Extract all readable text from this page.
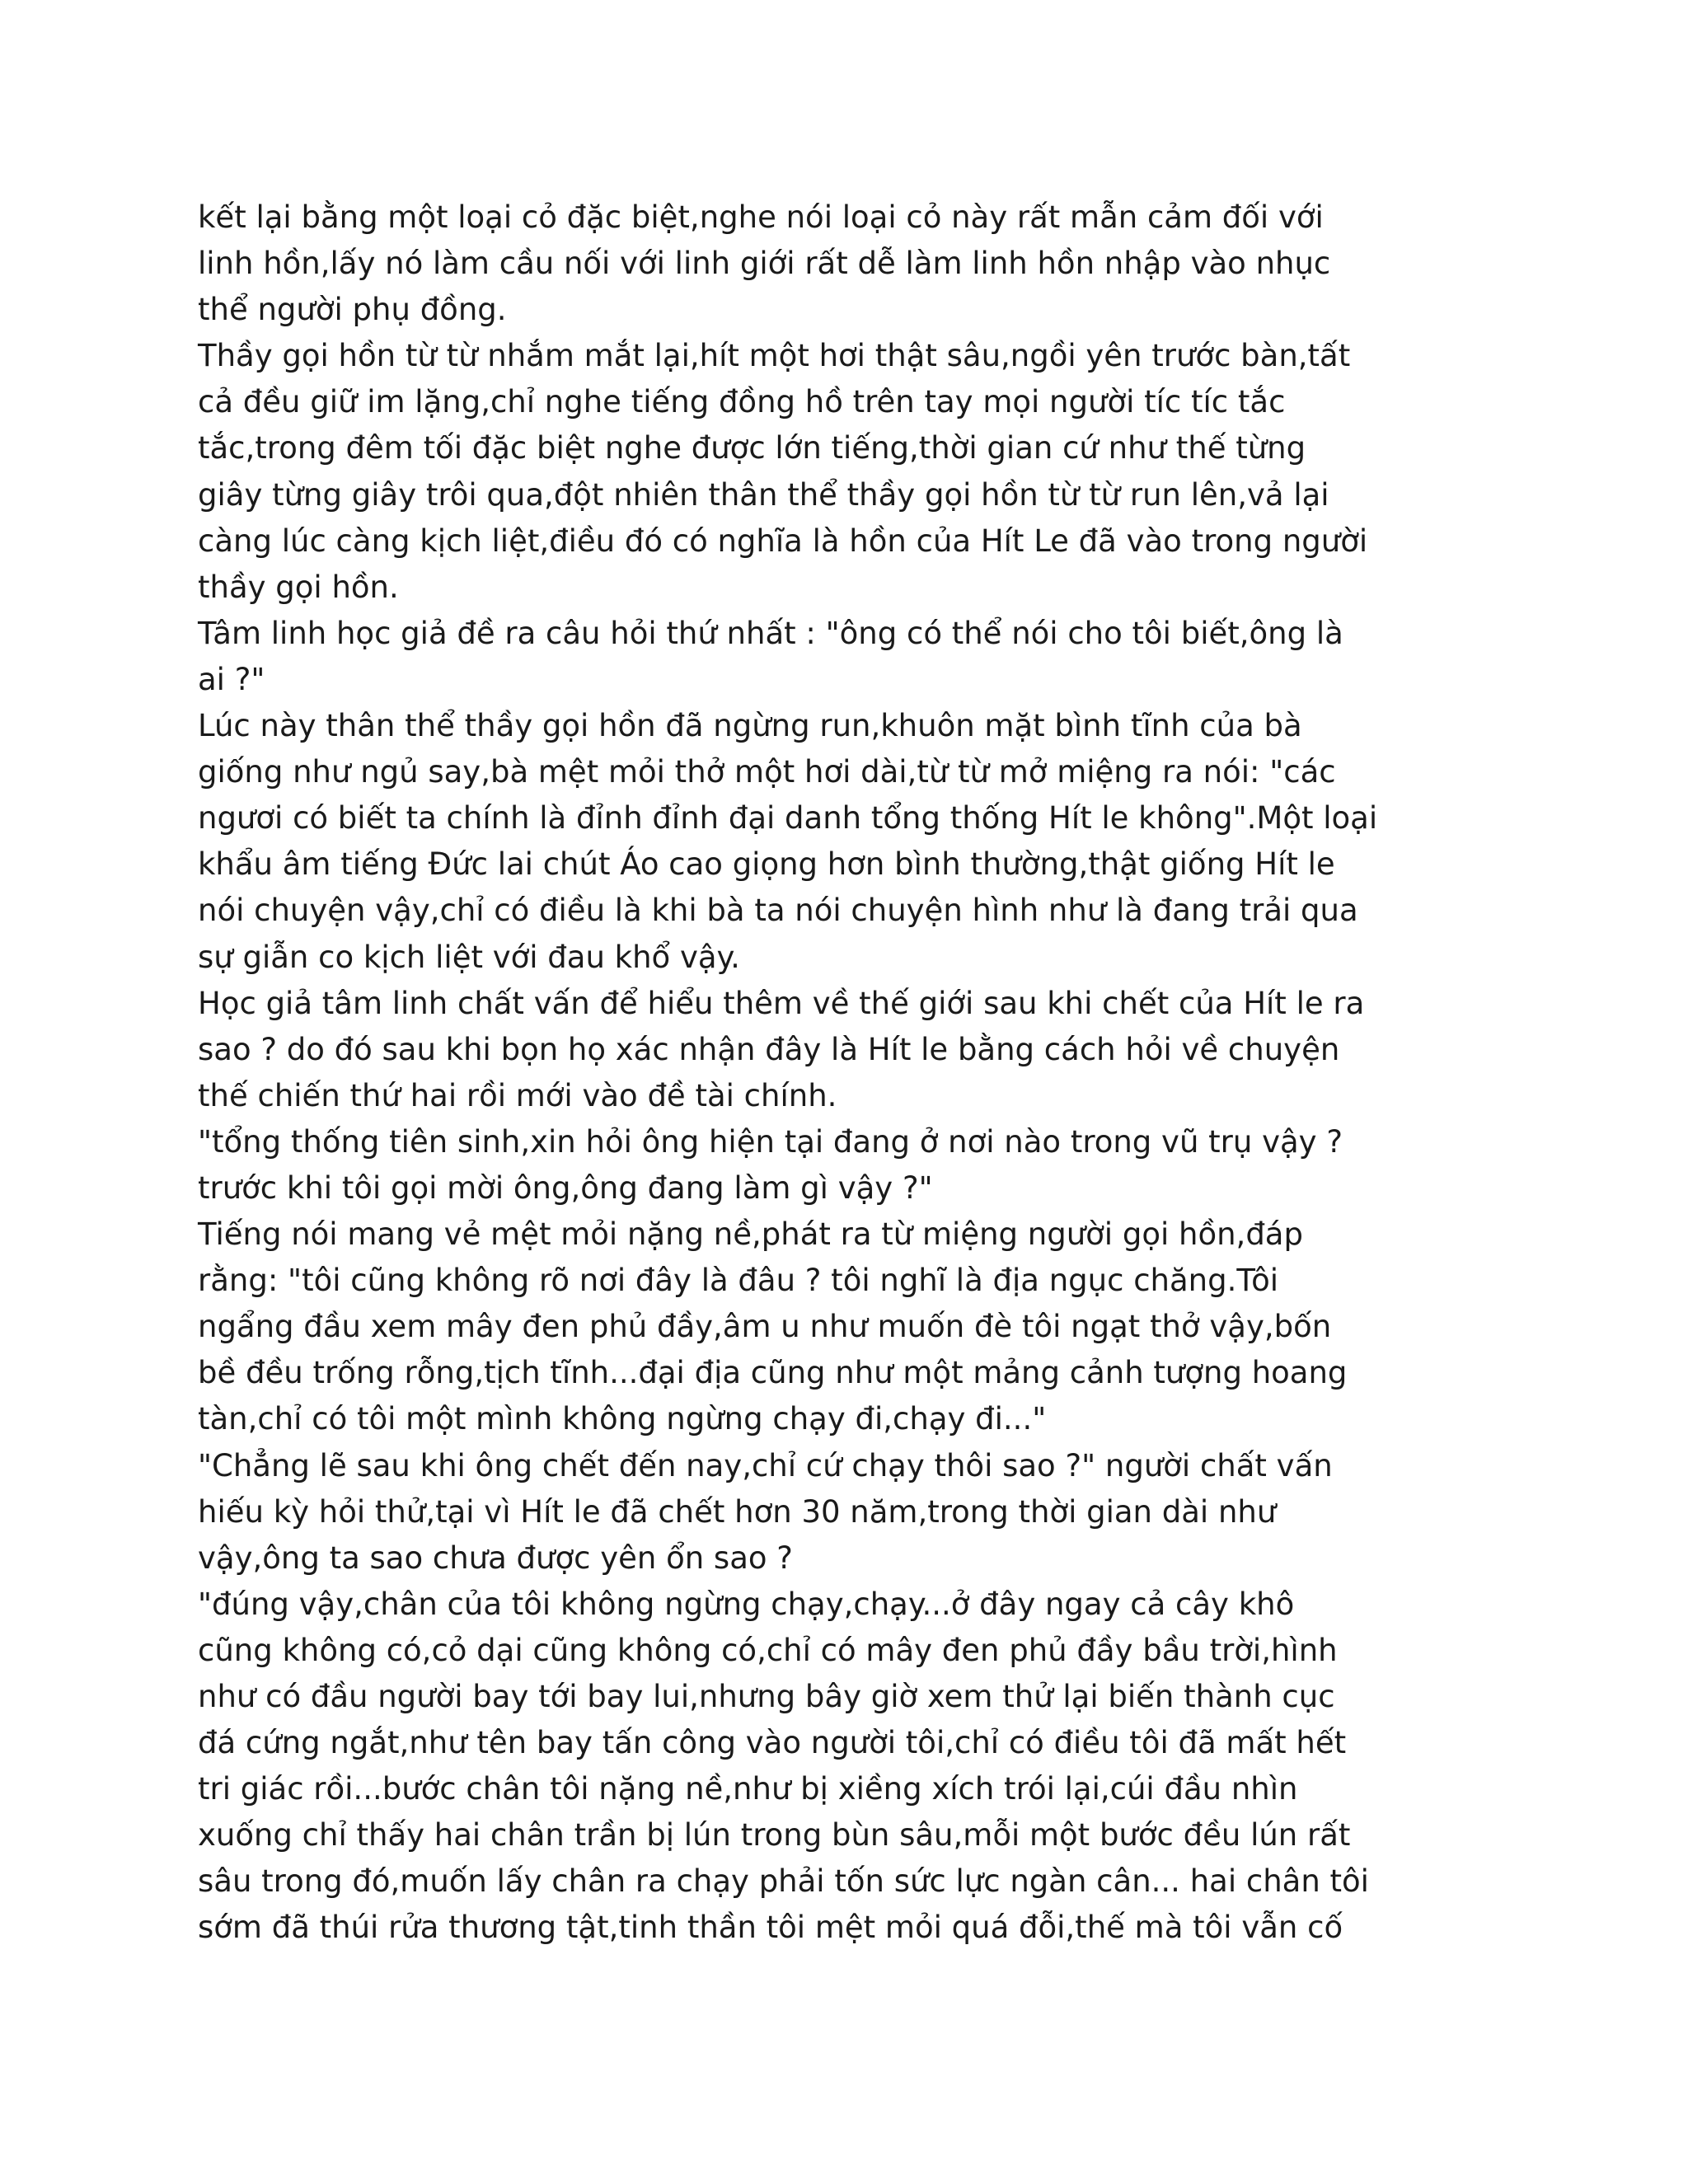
kết lại bằng một loại cỏ đặc biệt,nghe nói loại cỏ này rất mẫn cảm đối với
linh hồn,lấy nó làm cầu nối với linh giới rất dễ làm linh hồn nhập vào nhục
thể người phụ đồng.
Thầy gọi hồn từ từ nhắm mắt lại,hít một hơi thật sâu,ngồi yên trước bàn,tất
cả đều giữ im lặng,chỉ nghe tiếng đồng hồ trên tay mọi người tíc tíc tắc
tắc,trong đêm tối đặc biệt nghe được lớn tiếng,thời gian cứ như thế từng
giây từng giây trôi qua,đột nhiên thân thể thầy gọi hồn từ từ run lên,vả lại
càng lúc càng kịch liệt,điều đó có nghĩa là hồn của Hít Le đã vào trong người
thầy gọi hồn.
Tâm linh học giả đề ra câu hỏi thứ nhất : "ông có thể nói cho tôi biết,ông là
ai ?"
Lúc này thân thể thầy gọi hồn đã ngừng run,khuôn mặt bình tĩnh của bà
giống như ngủ say,bà mệt mỏi thở một hơi dài,từ từ mở miệng ra nói: "các
ngươi có biết ta chính là đỉnh đỉnh đại danh tổng thống Hít le không".Một loại
khẩu âm tiếng Đức lai chút Áo cao giọng hơn bình thường,thật giống Hít le
nói chuyện vậy,chỉ có điều là khi bà ta nói chuyện hình như là đang trải qua
sự giẫn co kịch liệt với đau khổ vậy.
Học giả tâm linh chất vấn để hiểu thêm về thế giới sau khi chết của Hít le ra
sao ? do đó sau khi bọn họ xác nhận đây là Hít le bằng cách hỏi về chuyện
thế chiến thứ hai rồi mới vào đề tài chính.
"tổng thống tiên sinh,xin hỏi ông hiện tại đang ở nơi nào trong vũ trụ vậy ?
trước khi tôi gọi mời ông,ông đang làm gì vậy ?"
Tiếng nói mang vẻ mệt mỏi nặng nề,phát ra từ miệng người gọi hồn,đáp
rằng: "tôi cũng không rõ nơi đây là đâu ? tôi nghĩ là địa ngục chăng.Tôi
ngẩng đầu xem mây đen phủ đầy,âm u như muốn đè tôi ngạt thở vậy,bốn
bề đều trống rỗng,tịch tĩnh...đại địa cũng như một mảng cảnh tượng hoang
tàn,chỉ có tôi một mình không ngừng chạy đi,chạy đi..."
"Chẳng lẽ sau khi ông chết đến nay,chỉ cứ chạy thôi sao ?" người chất vấn
hiếu kỳ hỏi thử,tại vì Hít le đã chết hơn 30 năm,trong thời gian dài như
vậy,ông ta sao chưa được yên ổn sao ?
"đúng vậy,chân của tôi không ngừng chạy,chạy...ở đây ngay cả cây khô
cũng không có,cỏ dại cũng không có,chỉ có mây đen phủ đầy bầu trời,hình
như có đầu người bay tới bay lui,nhưng bây giờ xem thử lại biến thành cục
đá cứng ngắt,như tên bay tấn công vào người tôi,chỉ có điều tôi đã mất hết
tri giác rồi...bước chân tôi nặng nề,như bị xiềng xích trói lại,cúi đầu nhìn
xuống chỉ thấy hai chân trần bị lún trong bùn sâu,mỗi một bước đều lún rất
sâu trong đó,muốn lấy chân ra chạy phải tốn sức lực ngàn cân... hai chân tôi
sớm đã thúi rửa thương tật,tinh thần tôi mệt mỏi quá đỗi,thế mà tôi vẫn cố
